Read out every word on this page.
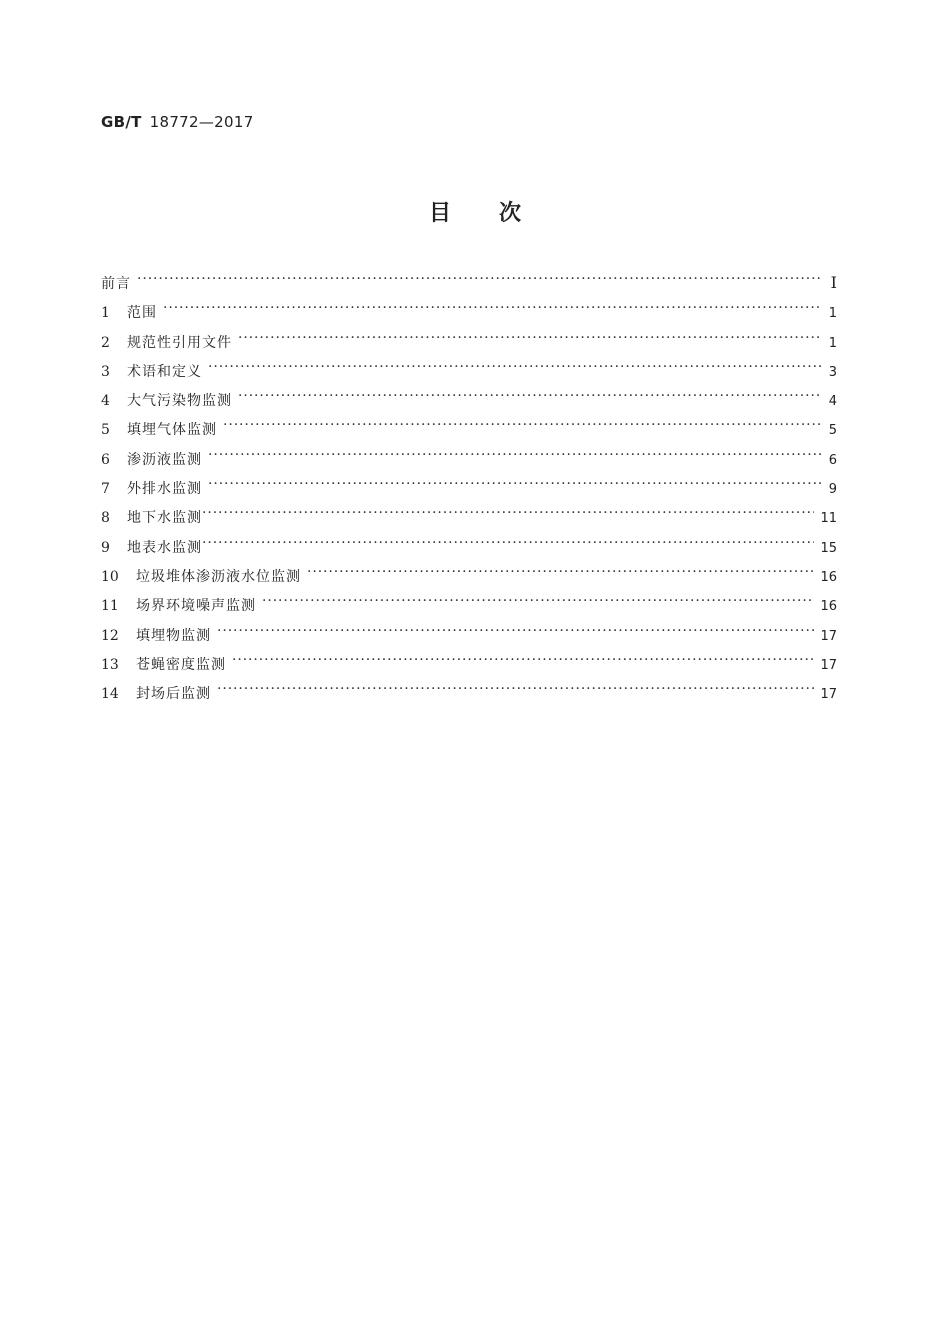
GB/T 18772—2017
目次
前言 ·····	Ⅰ
1	范围 ·····	1
2	规范性引用文件 ·····	1
3	术语和定义 ·····	3
4	大气污染物监测 ·····	4
5	填埋气体监测 ·····	5
6	渗沥液监测 ·····	6
7	外排水监测 ·····	9
8	地下水监测 ·····	11
9	地表水监测 ·····	15
10	垃圾堆体渗沥液水位监测 ·····	16
11	场界环境噪声监测 ·····	16
12	填埋物监测 ·····	17
13	苍蝇密度监测 ·····	17
14	封场后监测 ·····	17
